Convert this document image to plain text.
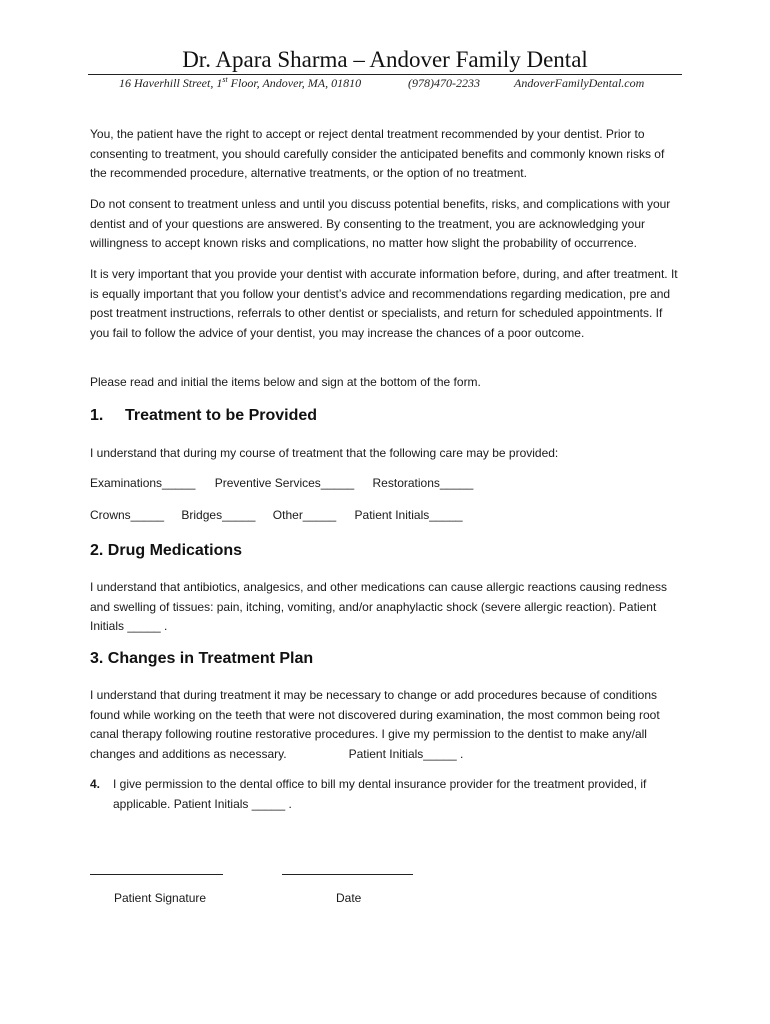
Dr. Apara Sharma – Andover Family Dental
16 Haverhill Street, 1st Floor, Andover, MA, 01810	(978)470-2233	AndoverFamilyDental.com
You, the patient have the right to accept or reject dental treatment recommended by your dentist. Prior to consenting to treatment, you should carefully consider the anticipated benefits and commonly known risks of the recommended procedure, alternative treatments, or the option of no treatment.
Do not consent to treatment unless and until you discuss potential benefits, risks, and complications with your dentist and of your questions are answered. By consenting to the treatment, you are acknowledging your willingness to accept known risks and complications, no matter how slight the probability of occurrence.
It is very important that you provide your dentist with accurate information before, during, and after treatment. It is equally important that you follow your dentist’s advice and recommendations regarding medication, pre and post treatment instructions, referrals to other dentist or specialists, and return for scheduled appointments. If you fail to follow the advice of your dentist, you may increase the chances of a poor outcome.
Please read and initial the items below and sign at the bottom of the form.
1. Treatment to be Provided
I understand that during my course of treatment that the following care may be provided:
Examinations_____ Preventive Services_____ Restorations_____
Crowns_____ Bridges_____ Other_____ Patient Initials_____
2. Drug Medications
I understand that antibiotics, analgesics, and other medications can cause allergic reactions causing redness and swelling of tissues: pain, itching, vomiting, and/or anaphylactic shock (severe allergic reaction). Patient Initials _____ .
3. Changes in Treatment Plan
I understand that during treatment it may be necessary to change or add procedures because of conditions found while working on the teeth that were not discovered during examination, the most common being root canal therapy following routine restorative procedures. I give my permission to the dentist to make any/all changes and additions as necessary.	Patient Initials_____ .
4. I give permission to the dental office to bill my dental insurance provider for the treatment provided, if applicable. Patient Initials _____ .
Patient Signature	Date
